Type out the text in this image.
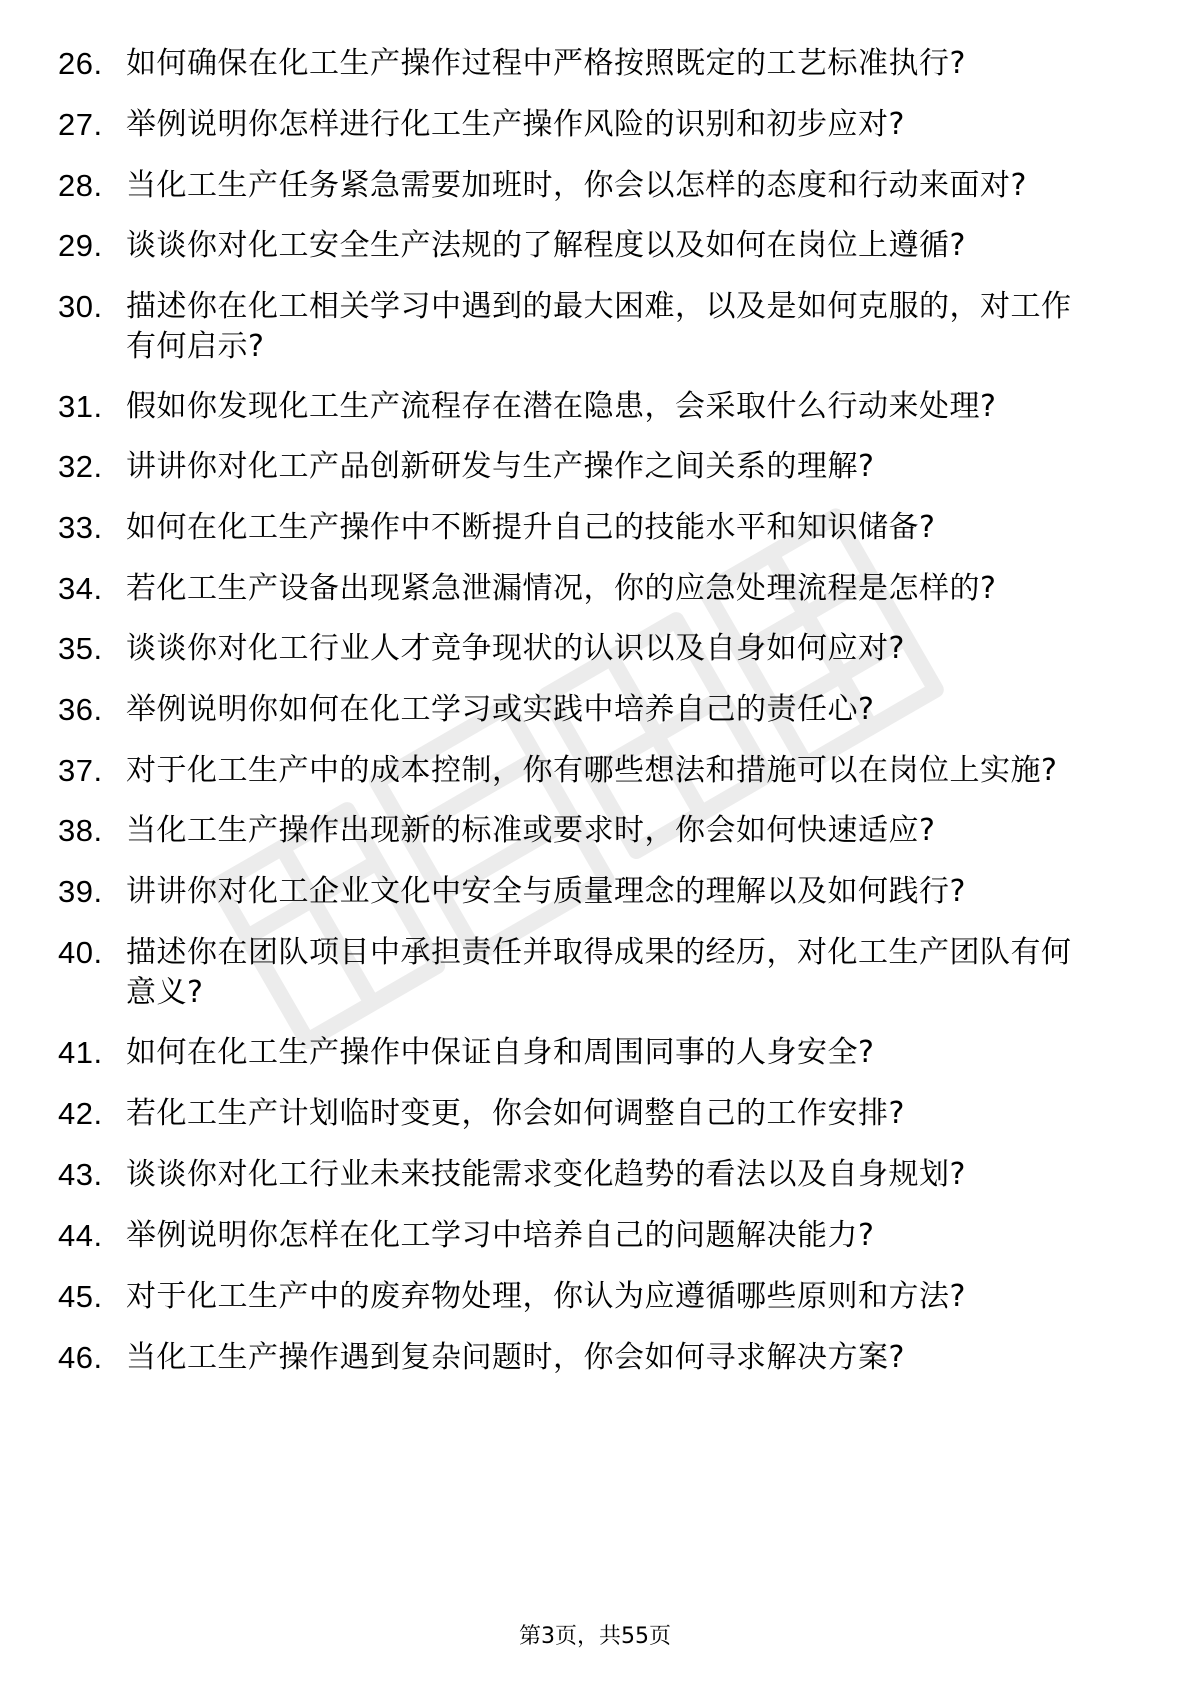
26. 如何确保在化工生产操作过程中严格按照既定的工艺标准执行?
27. 举例说明你怎样进行化工生产操作风险的识别和初步应对?
28. 当化工生产任务紧急需要加班时，你会以怎样的态度和行动来面对?
29. 谈谈你对化工安全生产法规的了解程度以及如何在岗位上遵循?
30. 描述你在化工相关学习中遇到的最大困难，以及是如何克服的，对工作有何启示?
31. 假如你发现化工生产流程存在潜在隐患，会采取什么行动来处理?
32. 讲讲你对化工产品创新研发与生产操作之间关系的理解?
33. 如何在化工生产操作中不断提升自己的技能水平和知识储备?
34. 若化工生产设备出现紧急泄漏情况，你的应急处理流程是怎样的?
35. 谈谈你对化工行业人才竞争现状的认识以及自身如何应对?
36. 举例说明你如何在化工学习或实践中培养自己的责任心?
37. 对于化工生产中的成本控制，你有哪些想法和措施可以在岗位上实施?
38. 当化工生产操作出现新的标准或要求时，你会如何快速适应?
39. 讲讲你对化工企业文化中安全与质量理念的理解以及如何践行?
40. 描述你在团队项目中承担责任并取得成果的经历，对化工生产团队有何意义?
41. 如何在化工生产操作中保证自身和周围同事的人身安全?
42. 若化工生产计划临时变更，你会如何调整自己的工作安排?
43. 谈谈你对化工行业未来技能需求变化趋势的看法以及自身规划?
44. 举例说明你怎样在化工学习中培养自己的问题解决能力?
45. 对于化工生产中的废弃物处理，你认为应遵循哪些原则和方法?
46. 当化工生产操作遇到复杂问题时，你会如何寻求解决方案?
第3页，共55页
